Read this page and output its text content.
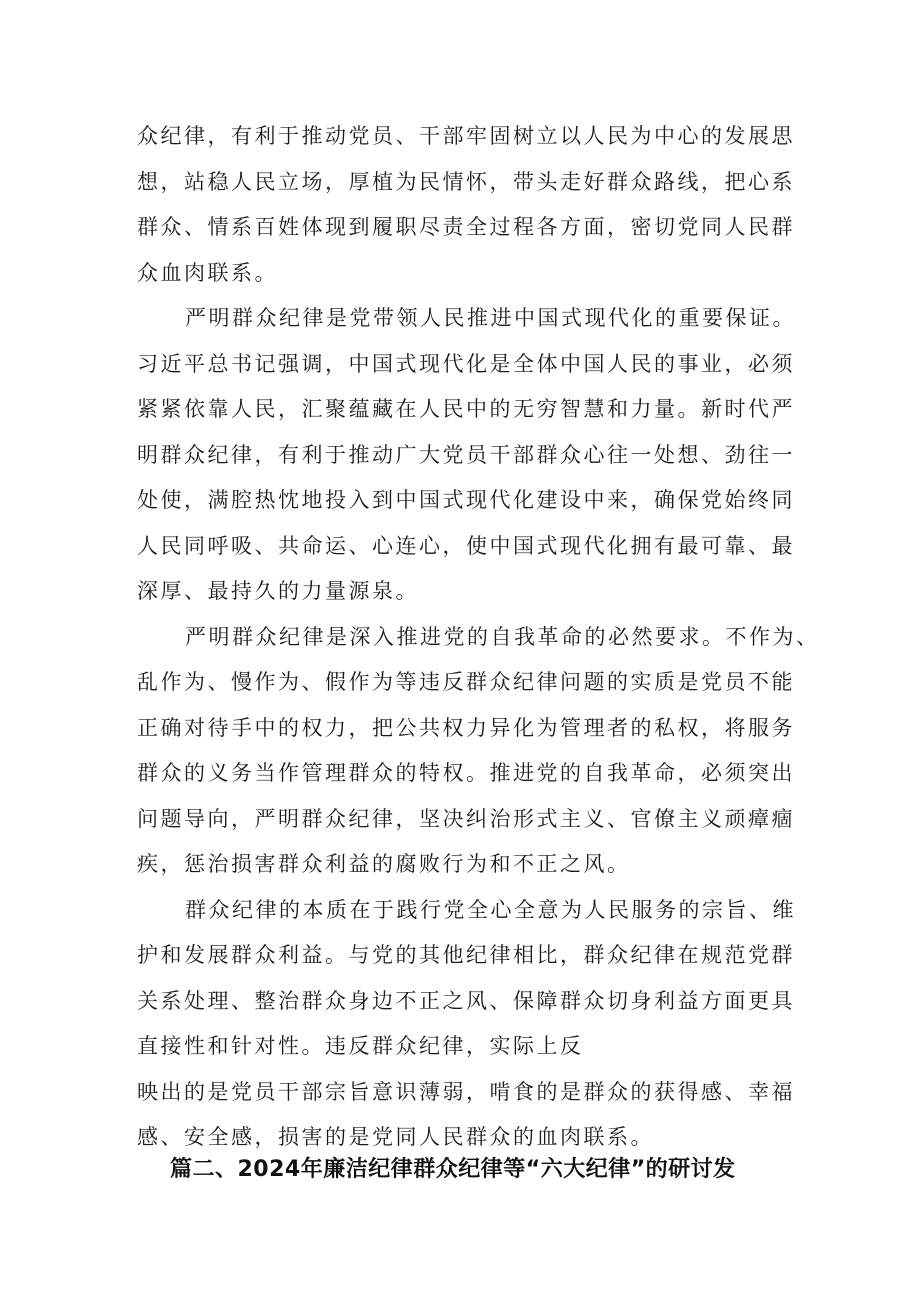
众纪律，有利于推动党员、干部牢固树立以人民为中心的发展思
想，站稳人民立场，厚植为民情怀，带头走好群众路线，把心系
群众、情系百姓体现到履职尽责全过程各方面，密切党同人民群
众血肉联系。

严明群众纪律是党带领人民推进中国式现代化的重要保证。
习近平总书记强调，中国式现代化是全体中国人民的事业，必须
紧紧依靠人民，汇聚蕴藏在人民中的无穷智慧和力量。新时代严
明群众纪律，有利于推动广大党员干部群众心往一处想、劲往一
处使，满腔热忱地投入到中国式现代化建设中来，确保党始终同
人民同呼吸、共命运、心连心，使中国式现代化拥有最可靠、最
深厚、最持久的力量源泉。

严明群众纪律是深入推进党的自我革命的必然要求。不作为、
乱作为、慢作为、假作为等违反群众纪律问题的实质是党员不能
正确对待手中的权力，把公共权力异化为管理者的私权，将服务
群众的义务当作管理群众的特权。推进党的自我革命，必须突出
问题导向，严明群众纪律，坚决纠治形式主义、官僚主义顽瘴痼
疾，惩治损害群众利益的腐败行为和不正之风。

群众纪律的本质在于践行党全心全意为人民服务的宗旨、维
护和发展群众利益。与党的其他纪律相比，群众纪律在规范党群
关系处理、整治群众身边不正之风、保障群众切身利益方面更具
直接性和针对性。违反群众纪律，实际上反
映出的是党员干部宗旨意识薄弱，啃食的是群众的获得感、幸福
感、安全感，损害的是党同人民群众的血肉联系。

篇二、2024年廉洁纪律群众纪律等“六大纪律”的研讨发
